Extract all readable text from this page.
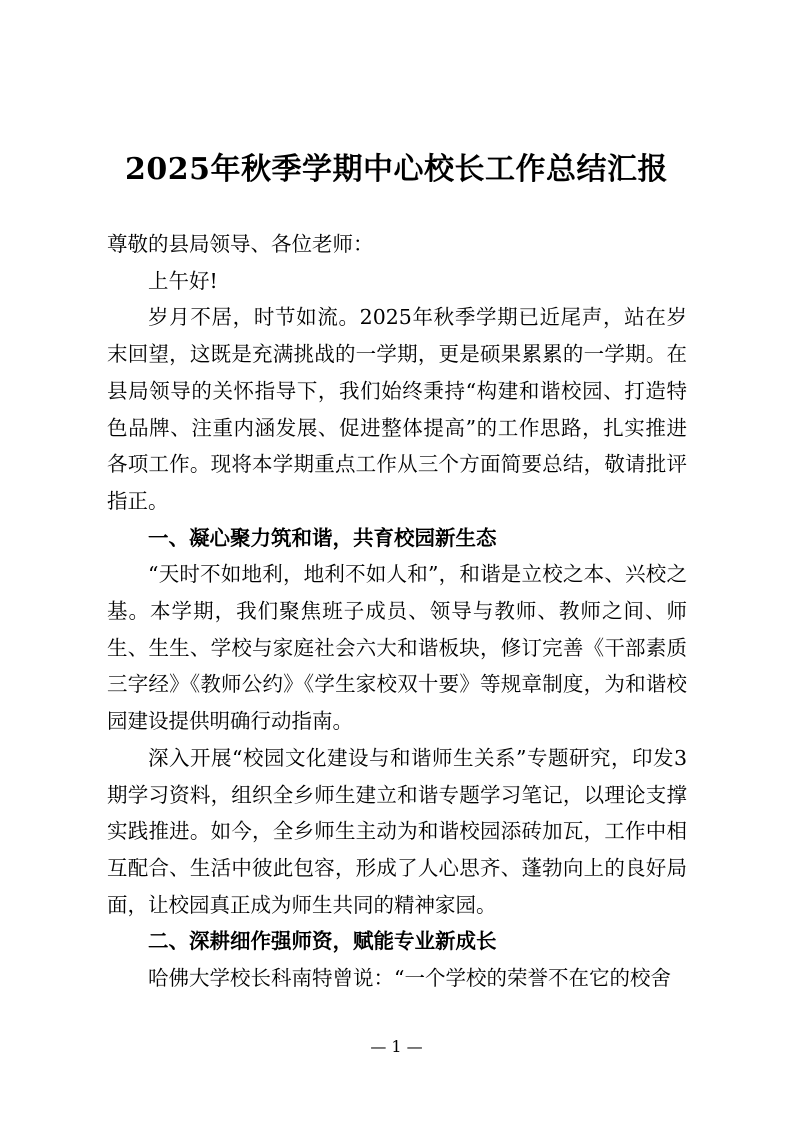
2025年秋季学期中心校长工作总结汇报

尊敬的县局领导、各位老师：

上午好!

岁月不居，时节如流。2025年秋季学期已近尾声，站在岁末回望，这既是充满挑战的一学期，更是硕果累累的一学期。在县局领导的关怀指导下，我们始终秉持“构建和谐校园、打造特色品牌、注重内涵发展、促进整体提高”的工作思路，扎实推进各项工作。现将本学期重点工作从三个方面简要总结，敬请批评指正。

一、凝心聚力筑和谐，共育校园新生态

“天时不如地利，地利不如人和”，和谐是立校之本、兴校之基。本学期，我们聚焦班子成员、领导与教师、教师之间、师生、生生、学校与家庭社会六大和谐板块，修订完善《干部素质三字经》《教师公约》《学生家校双十要》等规章制度，为和谐校园建设提供明确行动指南。

深入开展“校园文化建设与和谐师生关系”专题研究，印发3期学习资料，组织全乡师生建立和谐专题学习笔记，以理论支撑实践推进。如今，全乡师生主动为和谐校园添砖加瓦，工作中相互配合、生活中彼此包容，形成了人心思齐、蓬勃向上的良好局面，让校园真正成为师生共同的精神家园。

二、深耕细作强师资，赋能专业新成长

哈佛大学校长科南特曾说：“一个学校的荣誉不在它的校舍

— 1 —
